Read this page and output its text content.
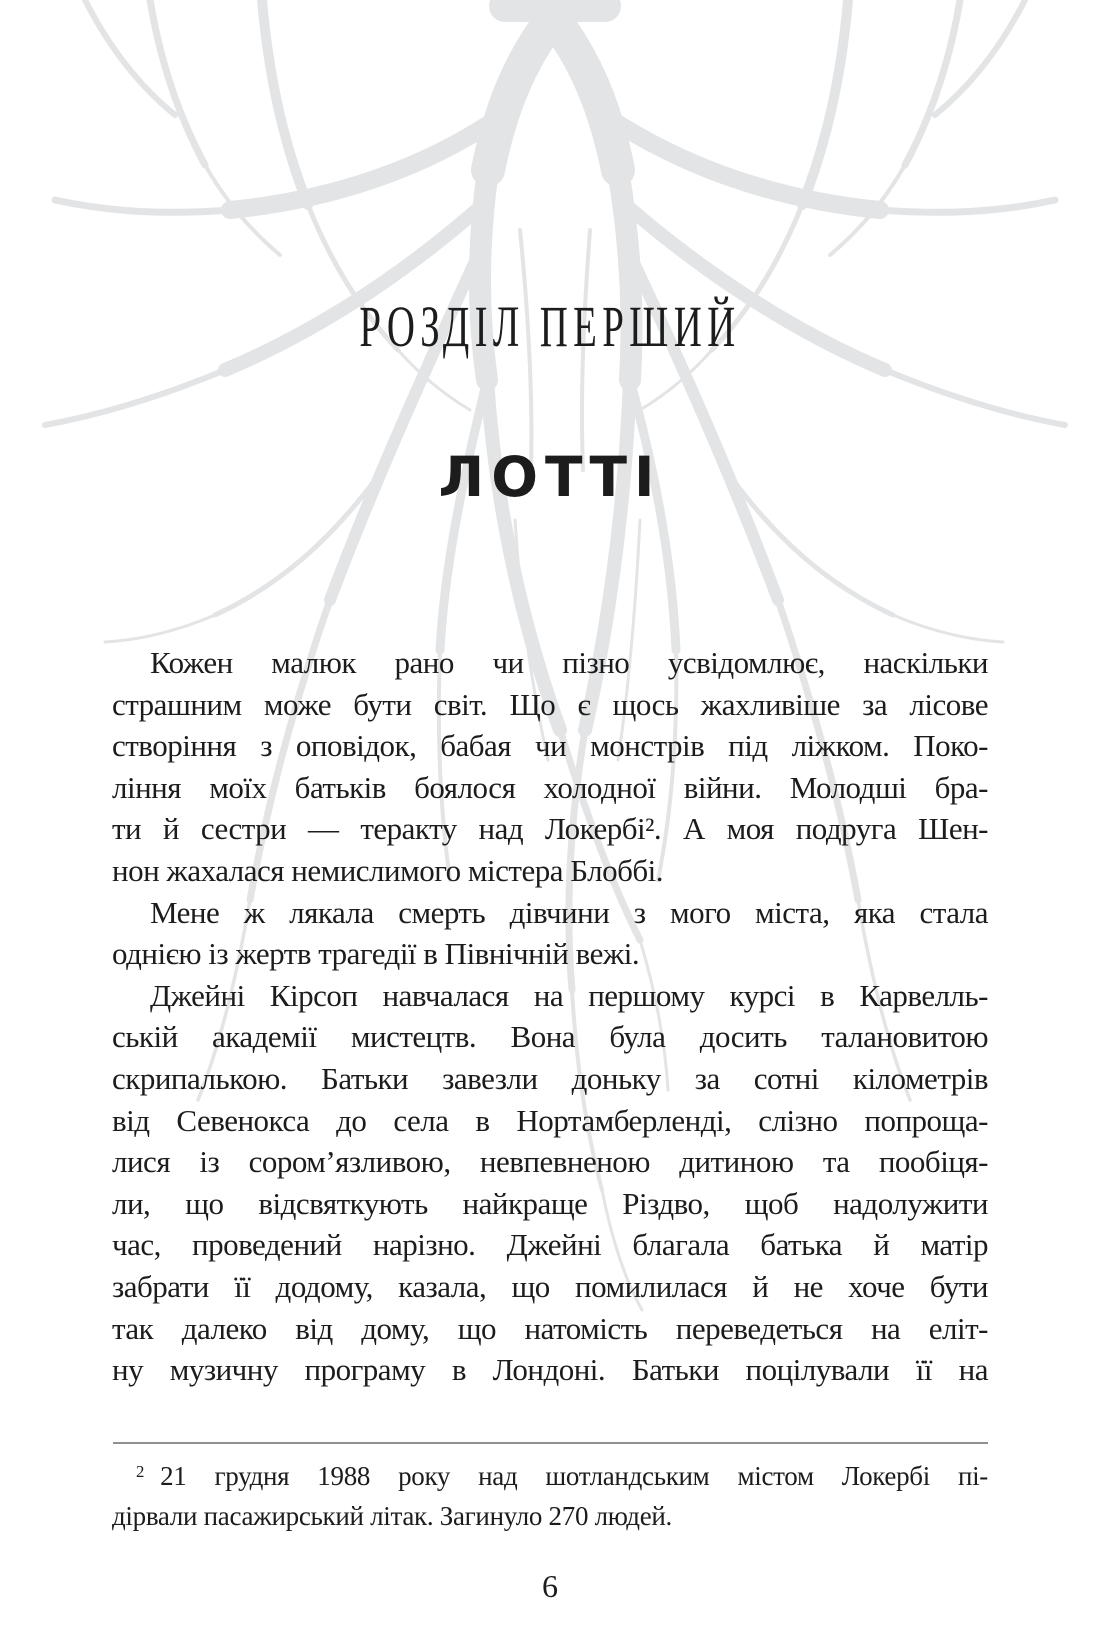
РОЗДІЛ ПЕРШИЙ
ЛОТТІ
Кожен малюк рано чи пізно усвідомлює, наскільки
страшним може бути світ. Що є щось жахливіше за лісове
створіння з оповідок, бабая чи монстрів під ліжком. Поко-
ління моїх батьків боялося холодної війни. Молодші бра-
ти й сестри — теракту над Локербі². А моя подруга Шен-
нон жахалася немислимого містера Блоббі.
Мене ж лякала смерть дівчини з мого міста, яка стала
однією із жертв трагедії в Північній вежі.
Джейні Кірсоп навчалася на першому курсі в Карвелль-
ській академії мистецтв. Вона була досить талановитою
скрипалькою. Батьки завезли доньку за сотні кілометрів
від Севенокса до села в Нортамберленді, слізно попроща-
лися із сором’язливою, невпевненою дитиною та пообіця-
ли, що відсвяткують найкраще Різдво, щоб надолужити
час, проведений нарізно. Джейні благала батька й матір
забрати її додому, казала, що помилилася й не хоче бути
так далеко від дому, що натомість переведеться на еліт-
ну музичну програму в Лондоні. Батьки поцілували її на
$^2$ 21 грудня 1988 року над шотландським містом Локербі пі-
дірвали пасажирський літак. Загинуло 270 людей.
6
